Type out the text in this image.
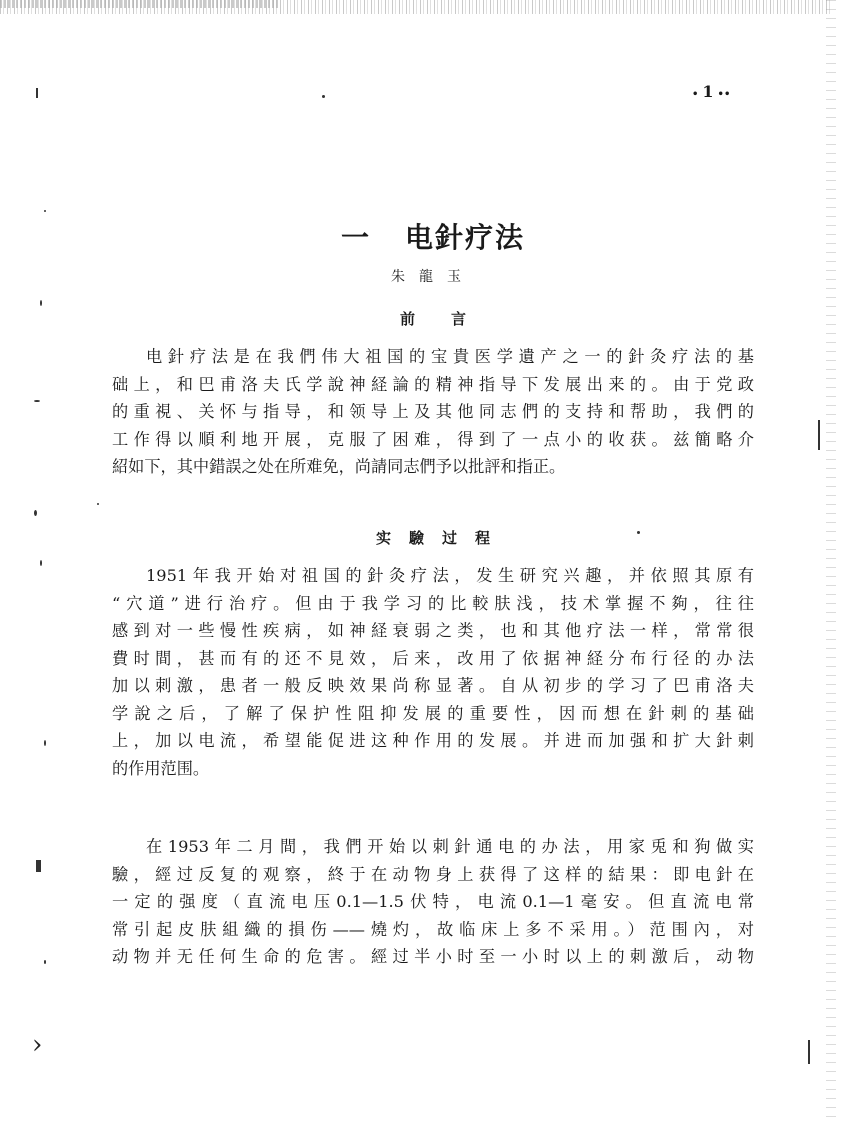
• 1 ••
一 电針疗法
朱龍玉
前言

电針疗法是在我們伟大祖国的宝貴医学遺产之一的針灸疗法的基
础上，和巴甫洛夫氏学說神経論的精神指导下发展出来的。由于党政
的重視、关怀与指导，和领导上及其他同志們的支持和帮助，我們的
工作得以順利地开展，克服了困难，得到了一点小的收获。兹簡略介
紹如下，其中錯誤之处在所难免，尚請同志們予以批評和指正。

实驗过程

1951年我开始对祖国的針灸疗法，发生研究兴趣，并依照其原有
“穴道”进行治疗。但由于我学习的比較肤浅，技术掌握不夠，往往
感到对一些慢性疾病，如神経衰弱之类，也和其他疗法一样，常常很
費时間，甚而有的还不見效，后来，改用了依据神経分布行径的办法
加以刺激，患者一般反映效果尚称显著。自从初步的学习了巴甫洛夫
学說之后，了解了保护性阻抑发展的重要性，因而想在針刺的基础
上，加以电流，希望能促进这种作用的发展。并进而加强和扩大針刺
的作用范围。

在1953年二月間，我們开始以刺針通电的办法，用家兎和狗做实
驗，經过反复的观察，終于在动物身上获得了这样的結果：即电針在
一定的强度（直流电压0.1—1.5伏特，电流0.1—1毫安。但直流电常
常引起皮肤組織的損伤——燒灼，故临床上多不采用。）范围內，对
动物并无任何生命的危害。經过半小时至一小时以上的刺激后，动物

›
